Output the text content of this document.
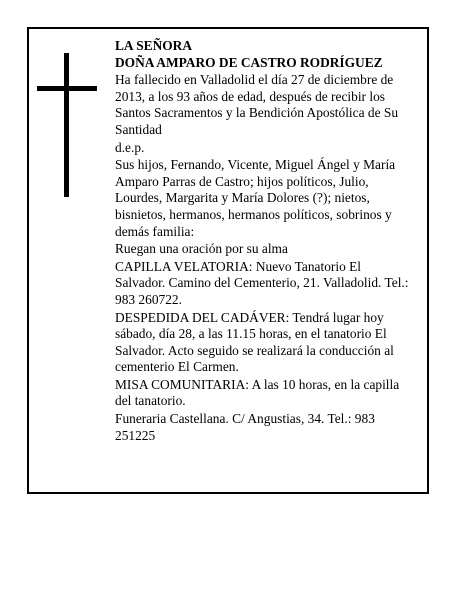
LA SEÑORA

DOÑA AMPARO DE CASTRO RODRÍGUEZ

Ha fallecido en Valladolid el día 27 de diciembre de 2013, a los 93 años de edad, después de recibir los Santos Sacramentos y la Bendición Apostólica de Su Santidad

d.e.p.

Sus hijos, Fernando, Vicente, Miguel Ángel y María Amparo Parras de Castro; hijos políticos, Julio, Lourdes, Margarita y María Dolores (?); nietos, bisnietos, hermanos, hermanos políticos, sobrinos y demás familia:

Ruegan una oración por su alma

CAPILLA VELATORIA: Nuevo Tanatorio El Salvador. Camino del Cementerio, 21. Valladolid. Tel.: 983 260722.

DESPEDIDA DEL CADÁVER: Tendrá lugar hoy sábado, día 28, a las 11.15 horas, en el tanatorio El Salvador. Acto seguido se realizará la conducción al cementerio El Carmen.

MISA COMUNITARIA: A las 10 horas, en la capilla del tanatorio.

Funeraria Castellana. C/ Angustias, 34. Tel.: 983 251225
